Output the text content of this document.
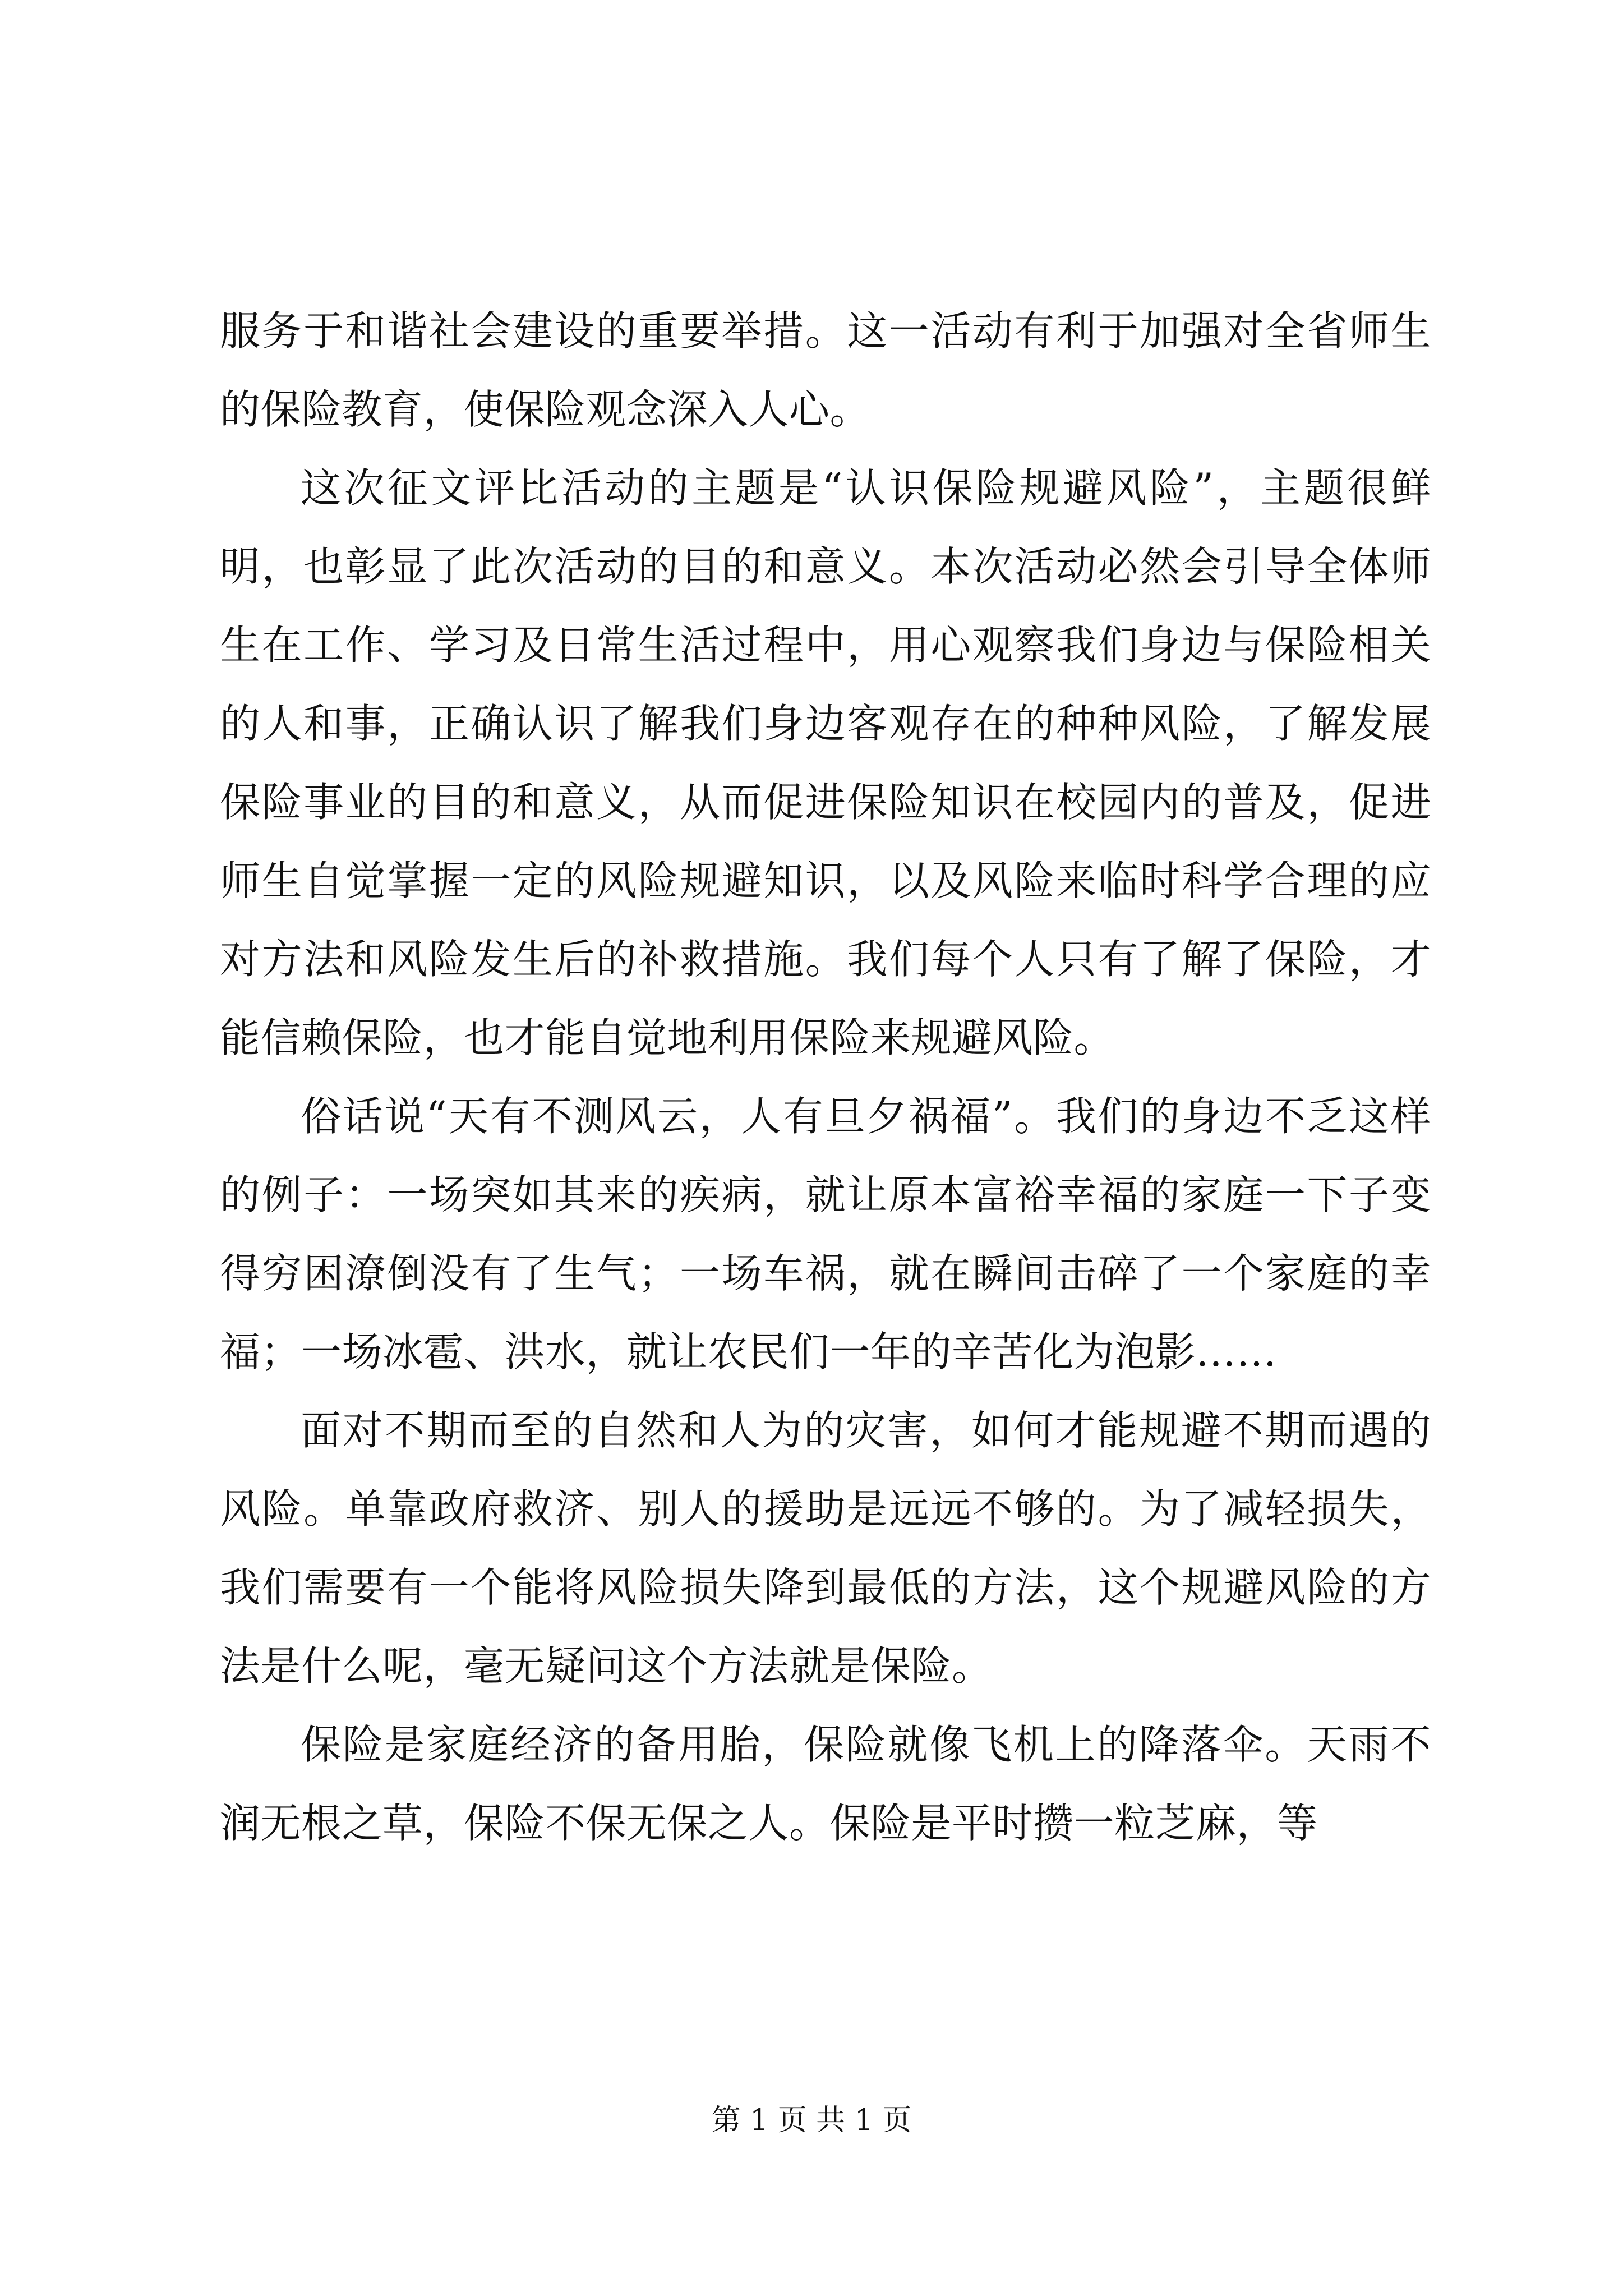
服务于和谐社会建设的重要举措。这一活动有利于加强对全省师生的保险教育，使保险观念深入人心。

这次征文评比活动的主题是“认识保险规避风险”，主题很鲜明，也彰显了此次活动的目的和意义。本次活动必然会引导全体师生在工作、学习及日常生活过程中，用心观察我们身边与保险相关的人和事，正确认识了解我们身边客观存在的种种风险，了解发展保险事业的目的和意义，从而促进保险知识在校园内的普及，促进师生自觉掌握一定的风险规避知识，以及风险来临时科学合理的应对方法和风险发生后的补救措施。我们每个人只有了解了保险，才能信赖保险，也才能自觉地利用保险来规避风险。

俗话说“天有不测风云，人有旦夕祸福”。我们的身边不乏这样的例子：一场突如其来的疾病，就让原本富裕幸福的家庭一下子变得穷困潦倒没有了生气；一场车祸，就在瞬间击碎了一个家庭的幸福；一场冰雹、洪水，就让农民们一年的辛苦化为泡影……

面对不期而至的自然和人为的灾害，如何才能规避不期而遇的风险。单靠政府救济、别人的援助是远远不够的。为了减轻损失，我们需要有一个能将风险损失降到最低的方法，这个规避风险的方法是什么呢，毫无疑问这个方法就是保险。

保险是家庭经济的备用胎，保险就像飞机上的降落伞。天雨不润无根之草，保险不保无保之人。保险是平时攒一粒芝麻，等

第 1 页 共 1 页
